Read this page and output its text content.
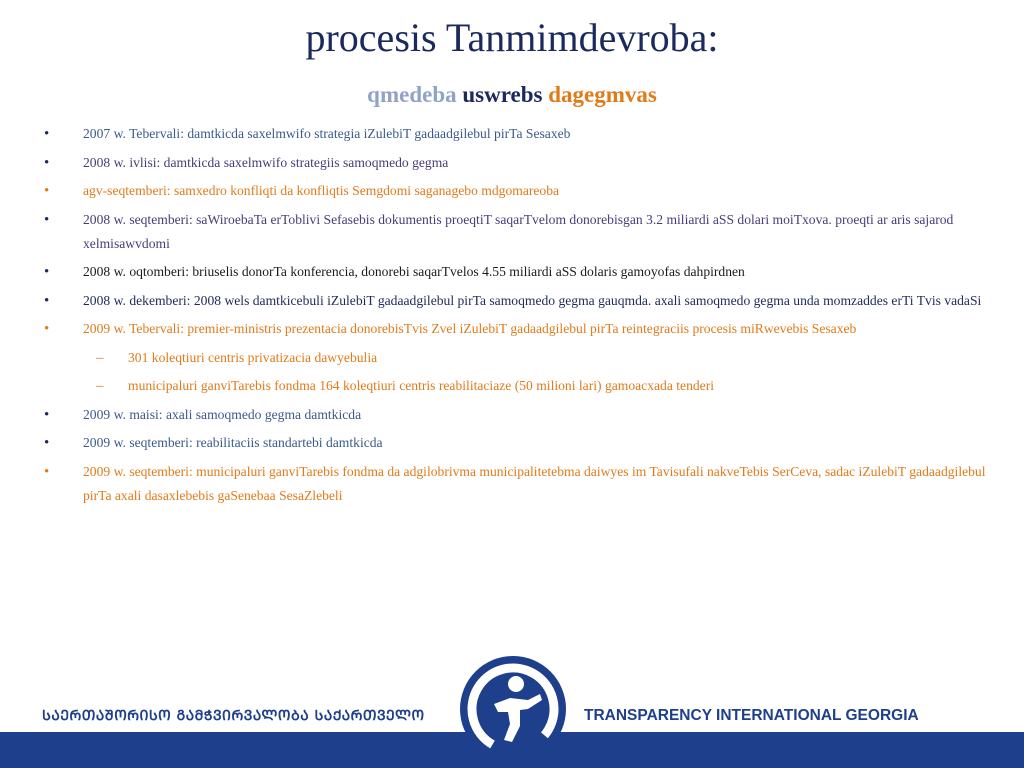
procesis Tanmimdevroba:
qmedeba uswrebs dagegmvas
• 2007 w. Tebervali: damtkicda saxelmwifo strategia iZulebiT gadaadgilebul pirTa Sesaxeb
• 2008 w. ivlisi: damtkicda saxelmwifo strategiis samoqmedo gegma
• agv-seqtemberi: samxedro konfliqti da konfliqtis Semgdomi saganagebo mdgomareoba
• 2008 w. seqtemberi: saWiroebaTa erToblivi Sefasebis dokumentis proeqtiT saqarTvelom donorebisgan 3.2 miliardi aSS dolari moiTxova. proeqti ar aris sajarod xelmisawvdomi
• 2008 w. oqtomberi: briuselis donorTa konferencia, donorebi saqarTvelos 4.55 miliardi aSS dolaris gamoyofas dahpirdnen
• 2008 w. dekemberi: 2008 wels damtkicebuli iZulebiT gadaadgilebul pirTa samoqmedo gegma gauqmda. axali samoqmedo gegma unda momzaddes erTi Tvis vadaSi
• 2009 w. Tebervali: premier-ministris prezentacia donorebisTvis Zvel iZulebiT gadaadgilebul pirTa reintegraciis procesis miRwevebis Sesaxeb
– 301 koleqtiuri centris privatizacia dawyebulia
– municipaluri ganviTarebis fondma 164 koleqtiuri centris reabilitaciaze (50 milioni lari) gamoacxada tenderi
• 2009 w. maisi: axali samoqmedo gegma damtkicda
• 2009 w. seqtemberi: reabilitaciis standartebi damtkicda
• 2009 w. seqtemberi: municipaluri ganviTarebis fondma da adgilobrivma municipalitetebma daiwyes im Tavisufali nakveTebis SerCeva, sadac iZulebiT gadaadgilebul pirTa axali dasaxlebebis gaSenebaa SesaZlebeli
ᲡᲐᲔᲠᲗᲐᲨᲝᲠᲘᲡᲝ ᲒᲐᲛᲭᲕᲘᲠᲕᲐᲚᲝᲑᲐ ᲡᲐᲥᲐᲠᲗᲕᲔᲚᲝ	TRANSPARENCY INTERNATIONAL GEORGIA
